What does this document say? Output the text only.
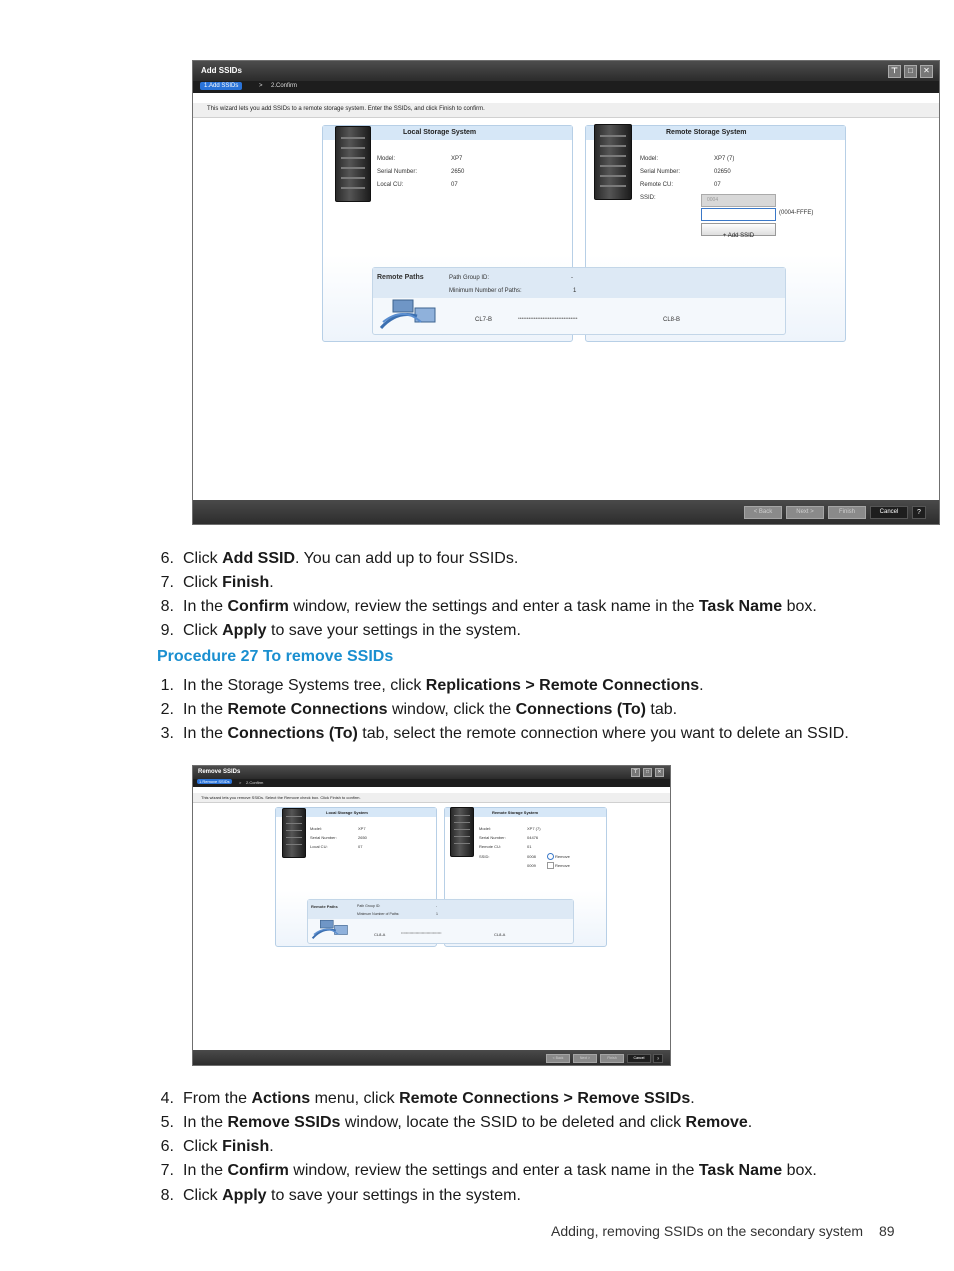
Add SSIDs	⊤	□	✕
1.Add SSIDs	> 2.Confirm
This wizard lets you add SSIDs to a remote storage system. Enter the SSIDs, and click Finish to confirm.
Local Storage System
Model:	XP7
Serial Number:	2650
Local CU:	07
Remote Storage System
Model:	XP7 (7)
Serial Number:	02650
Remote CU:	07
SSID:	0004
(0004-FFFE)
+ Add SSID
Remote Paths	Path Group ID:	-
Minimum Number of Paths:	1
CL7-B	••••••••••••••••••••••••••••••••••	CL8-B
< Back	Next >	Finish	Cancel	?
6. Click Add SSID. You can add up to four SSIDs.
7. Click Finish.
8. In the Confirm window, review the settings and enter a task name in the Task Name box.
9. Click Apply to save your settings in the system.
Procedure 27 To remove SSIDs
1. In the Storage Systems tree, click Replications > Remote Connections.
2. In the Remote Connections window, click the Connections (To) tab.
3. In the Connections (To) tab, select the remote connection where you want to delete an SSID.
Remove SSIDs	⊤	□	✕
1.Remove SSIDs	> 2.Confirm
This wizard lets you remove SSIDs. Select the Remove check box. Click Finish to confirm.
Local Storage System
Model:	XP7
Serial Number:	2650
Local CU:	07
Remote Storage System
Model:	XP7 (7)
Serial Number:	04476
Remote CU:	01
SSID:	0008	Remove
0009	Remove
Remote Paths	Path Group ID:	-
Minimum Number of Paths:	1
CL8-A	•••••••••••••••••••••••••••••••••	CL8-A
< Back	Next >	Finish	Cancel	?
4. From the Actions menu, click Remote Connections > Remove SSIDs.
5. In the Remove SSIDs window, locate the SSID to be deleted and click Remove.
6. Click Finish.
7. In the Confirm window, review the settings and enter a task name in the Task Name box.
8. Click Apply to save your settings in the system.
Adding, removing SSIDs on the secondary system 89
